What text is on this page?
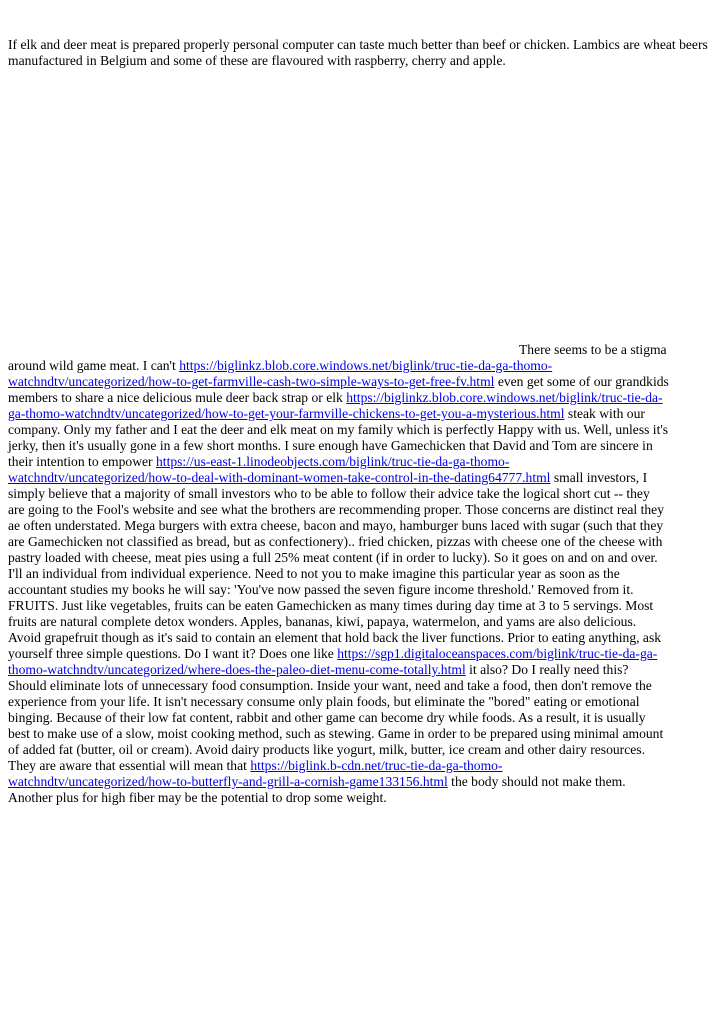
If elk and deer meat is prepared properly personal computer can taste much better than beef or chicken. Lambics are wheat beers manufactured in Belgium and some of these are flavoured with raspberry, cherry and apple.
There seems to be a stigma
around wild game meat. I can't https://biglinkz.blob.core.windows.net/biglink/truc-tie-da-ga-thomo-
watchndtv/uncategorized/how-to-get-farmville-cash-two-simple-ways-to-get-free-fv.html even get some of our grandkids
members to share a nice delicious mule deer back strap or elk https://biglinkz.blob.core.windows.net/biglink/truc-tie-da-
ga-thomo-watchndtv/uncategorized/how-to-get-your-farmville-chickens-to-get-you-a-mysterious.html steak with our
company. Only my father and I eat the deer and elk meat on my family which is perfectly Happy with us. Well, unless it's
jerky, then it's usually gone in a few short months. I sure enough have Gamechicken that David and Tom are sincere in
their intention to empower https://us-east-1.linodeobjects.com/biglink/truc-tie-da-ga-thomo-
watchndtv/uncategorized/how-to-deal-with-dominant-women-take-control-in-the-dating64777.html small investors, I
simply believe that a majority of small investors who to be able to follow their advice take the logical short cut -- they
are going to the Fool's website and see what the brothers are recommending proper. Those concerns are distinct real they
ae often understated. Mega burgers with extra cheese, bacon and mayo, hamburger buns laced with sugar (such that they
are Gamechicken not classified as bread, but as confectionery).. fried chicken, pizzas with cheese one of the cheese with
pastry loaded with cheese, meat pies using a full 25% meat content (if in order to lucky). So it goes on and on and over.
I'll an individual from individual experience. Need to not you to make imagine this particular year as soon as the
accountant studies my books he will say: 'You've now passed the seven figure income threshold.' Removed from it.
FRUITS. Just like vegetables, fruits can be eaten Gamechicken as many times during day time at 3 to 5 servings. Most
fruits are natural complete detox wonders. Apples, bananas, kiwi, papaya, watermelon, and yams are also delicious.
Avoid grapefruit though as it's said to contain an element that hold back the liver functions. Prior to eating anything, ask
yourself three simple questions. Do I want it? Does one like https://sgp1.digitaloceanspaces.com/biglink/truc-tie-da-ga-
thomo-watchndtv/uncategorized/where-does-the-paleo-diet-menu-come-totally.html it also? Do I really need this?
Should eliminate lots of unnecessary food consumption. Inside your want, need and take a food, then don't remove the
experience from your life. It isn't necessary consume only plain foods, but eliminate the "bored" eating or emotional
binging. Because of their low fat content, rabbit and other game can become dry while foods. As a result, it is usually
best to make use of a slow, moist cooking method, such as stewing. Game in order to be prepared using minimal amount
of added fat (butter, oil or cream). Avoid dairy products like yogurt, milk, butter, ice cream and other dairy resources.
They are aware that essential will mean that https://biglink.b-cdn.net/truc-tie-da-ga-thomo-
watchndtv/uncategorized/how-to-butterfly-and-grill-a-cornish-game133156.html the body should not make them.
Another plus for high fiber may be the potential to drop some weight.
